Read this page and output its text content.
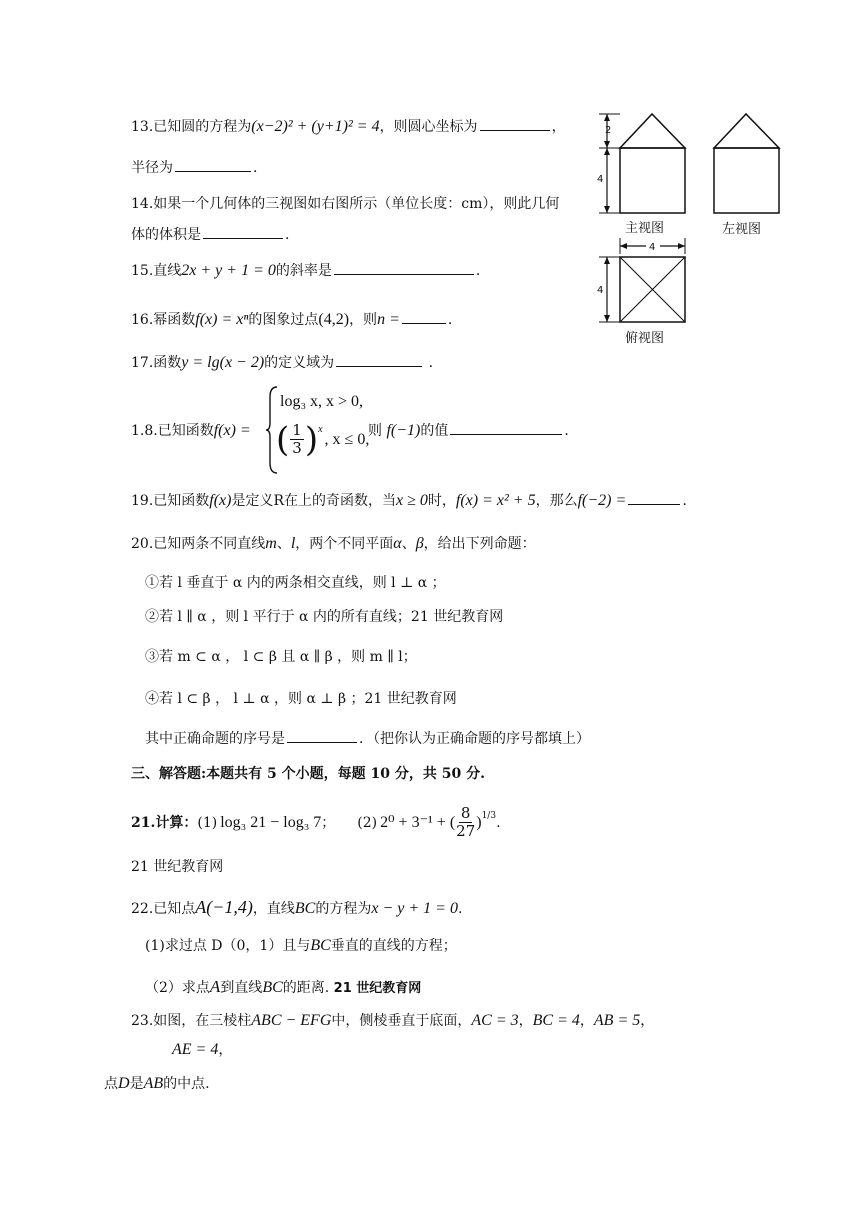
13.已知圆的方程为(x−2)² + (y+1)² = 4，则圆心坐标为	，
半径为	.
14.如果一个几何体的三视图如右图所示（单位长度：cm），则此几何
体的体积是	.
15.直线2x + y + 1 = 0的斜率是	.
16.幂函数f(x) = xⁿ的图象过点(4,2)，则n =	.
17.函数y = lg(x − 2)的定义域为	.
1.8.已知函数f(x) =
log₃ x, x > 0,
( $\frac{1}{3} )^x$
, x ≤ 0,
则 f(−1)的值	.
19.已知函数f(x)是定义R在上的奇函数，当x ≥ 0时，f(x) = x² + 5，那么f(−2) =	.
20.已知两条不同直线m、l，两个不同平面α、β，给出下列命题：
①若 l 垂直于 α 内的两条相交直线，则 l ⊥ α ；
②若 l ∥ α ，则 l 平行于 α 内的所有直线；21 世纪教育网
③若 m ⊂ α ， l ⊂ β 且 α ∥ β ，则 m ∥ l；
④若 l ⊂ β ， l ⊥ α ，则 α ⊥ β ；21 世纪教育网
其中正确命题的序号是	．（把你认为正确命题的序号都填上）
三、解答题:本题共有 5 个小题，每题 10 分，共 50 分.
21.计算： (1) log₃ 21 − log₃ 7 ； (2) 2⁰ + 3⁻¹ + ( $\frac{8}{27} )^{1/3}$ .
21 世纪教育网
22.已知点A(−1,4)，直线BC的方程为x − y + 1 = 0.
(1)求过点 D（0，1）且与BC垂直的直线的方程；
（2）求点A到直线BC的距离. 21 世纪教育网
23.如图，在三棱柱ABC − EFG中，侧棱垂直于底面，AC = 3，BC = 4，AB = 5，
AE = 4，
点D是AB的中点.
2
4
主视图	左视图
4
4
俯视图
